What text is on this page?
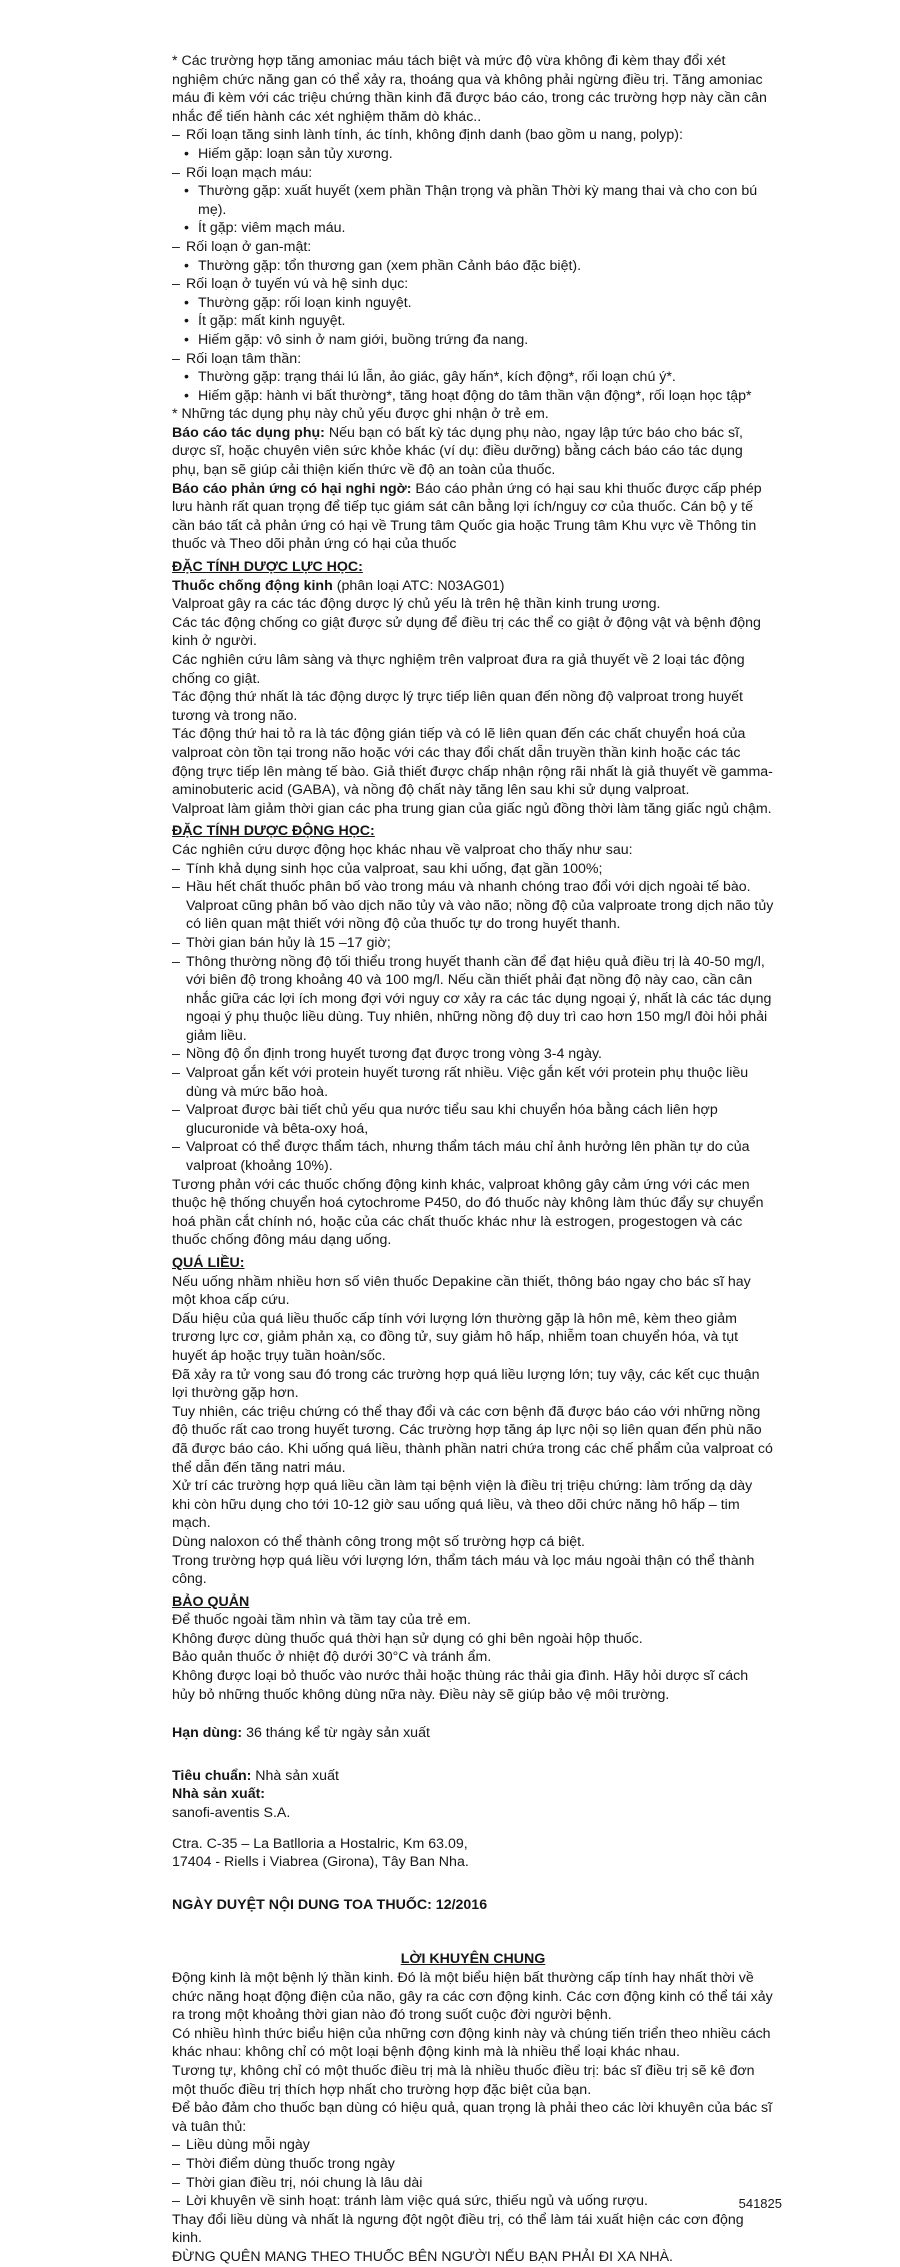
* Các trường hợp tăng amoniac máu tách biệt và mức độ vừa không đi kèm thay đổi xét nghiệm chức năng gan có thể xảy ra, thoáng qua và không phải ngừng điều trị. Tăng amoniac máu đi kèm với các triệu chứng thần kinh đã được báo cáo, trong các trường hợp này cần cân nhắc để tiến hành các xét nghiệm thăm dò khác..

– Rối loạn tăng sinh lành tính, ác tính, không định danh (bao gồm u nang, polyp):

• Hiếm gặp: loạn sản tủy xương.

– Rối loạn mạch máu:

• Thường gặp: xuất huyết (xem phần Thận trọng và phần Thời kỳ mang thai và cho con bú mẹ).

• Ít gặp: viêm mạch máu.

– Rối loạn ở gan-mật:

• Thường gặp: tổn thương gan (xem phần Cảnh báo đặc biệt).

– Rối loạn ở tuyến vú và hệ sinh dục:

• Thường gặp: rối loạn kinh nguyệt.

• Ít gặp: mất kinh nguyệt.

• Hiếm gặp: vô sinh ở nam giới, buồng trứng đa nang.

– Rối loạn tâm thần:

• Thường gặp: trạng thái lú lẫn, ảo giác, gây hấn*, kích động*, rối loạn chú ý*.

• Hiếm gặp: hành vi bất thường*, tăng hoạt động do tâm thần vận động*, rối loạn học tập*

* Những tác dụng phụ này chủ yếu được ghi nhận ở trẻ em.

Báo cáo tác dụng phụ: Nếu bạn có bất kỳ tác dụng phụ nào, ngay lập tức báo cho bác sĩ, dược sĩ, hoặc chuyên viên sức khỏe khác (ví dụ: điều dưỡng) bằng cách báo cáo tác dụng phụ, bạn sẽ giúp cải thiện kiến thức về độ an toàn của thuốc.

Báo cáo phản ứng có hại nghi ngờ: Báo cáo phản ứng có hại sau khi thuốc được cấp phép lưu hành rất quan trọng để tiếp tục giám sát cân bằng lợi ích/nguy cơ của thuốc. Cán bộ y tế cần báo tất cả phản ứng có hại về Trung tâm Quốc gia hoặc Trung tâm Khu vực về Thông tin thuốc và Theo dõi phản ứng có hại của thuốc

ĐẶC TÍNH DƯỢC LỰC HỌC:

Thuốc chống động kinh (phân loại ATC: N03AG01)

Valproat gây ra các tác động dược lý chủ yếu là trên hệ thần kinh trung ương.

Các tác động chống co giật được sử dụng để điều trị các thể co giật ở động vật và bệnh động kinh ở người.

Các nghiên cứu lâm sàng và thực nghiệm trên valproat đưa ra giả thuyết về 2 loại tác động chống co giật.

Tác động thứ nhất là tác động dược lý trực tiếp liên quan đến nồng độ valproat trong huyết tương và trong não.

Tác động thứ hai tỏ ra là tác động gián tiếp và có lẽ liên quan đến các chất chuyển hoá của valproat còn tồn tại trong não hoặc với các thay đổi chất dẫn truyền thần kinh hoặc các tác động trực tiếp lên màng tế bào. Giả thiết được chấp nhận rộng rãi nhất là giả thuyết về gamma-aminobuteric acid (GABA), và nồng độ chất này tăng lên sau khi sử dụng valproat.

Valproat làm giảm thời gian các pha trung gian của giấc ngủ đồng thời làm tăng giấc ngủ chậm.

ĐẶC TÍNH DƯỢC ĐỘNG HỌC:

Các nghiên cứu dược động học khác nhau về valproat cho thấy như sau:

– Tính khả dụng sinh học của valproat, sau khi uống, đạt gần 100%;

– Hầu hết chất thuốc phân bố vào trong máu và nhanh chóng trao đổi với dịch ngoài tế bào. Valproat cũng phân bố vào dịch não tủy và vào não; nồng độ của valproate trong dịch não tủy có liên quan mật thiết với nồng độ của thuốc tự do trong huyết thanh.

– Thời gian bán hủy là 15 –17 giờ;

– Thông thường nồng độ tối thiểu trong huyết thanh cần để đạt hiệu quả điều trị là 40-50 mg/l, với biên độ trong khoảng 40 và 100 mg/l. Nếu cần thiết phải đạt nồng độ này cao, cần cân nhắc giữa các lợi ích mong đợi với nguy cơ xảy ra các tác dụng ngoại ý, nhất là các tác dụng ngoại ý phụ thuộc liều dùng. Tuy nhiên, những nồng độ duy trì cao hơn 150 mg/l đòi hỏi phải giảm liều.

– Nồng độ ổn định trong huyết tương đạt được trong vòng 3-4 ngày.

– Valproat gắn kết với protein huyết tương rất nhiều. Việc gắn kết với protein phụ thuộc liều dùng và mức bão hoà.

– Valproat được bài tiết chủ yếu qua nước tiểu sau khi chuyển hóa bằng cách liên hợp glucuronide và bêta-oxy hoá,

– Valproat có thể được thẩm tách, nhưng thẩm tách máu chỉ ảnh hưởng lên phần tự do của valproat (khoảng 10%).

Tương phản với các thuốc chống động kinh khác, valproat không gây cảm ứng với các men thuộc hệ thống chuyển hoá cytochrome P450, do đó thuốc này không làm thúc đẩy sự chuyển hoá phần cắt chính nó, hoặc của các chất thuốc khác như là estrogen, progestogen và các thuốc chống đông máu dạng uống.

QUÁ LIỀU:

Nếu uống nhầm nhiều hơn số viên thuốc Depakine cần thiết, thông báo ngay cho bác sĩ hay một khoa cấp cứu.

Dấu hiệu của quá liều thuốc cấp tính với lượng lớn thường gặp là hôn mê, kèm theo giảm trương lực cơ, giảm phản xạ, co đồng tử, suy giảm hô hấp, nhiễm toan chuyển hóa, và tụt huyết áp hoặc trụy tuần hoàn/sốc.

Đã xảy ra tử vong sau đó trong các trường hợp quá liều lượng lớn; tuy vậy, các kết cục thuận lợi thường gặp hơn.

Tuy nhiên, các triệu chứng có thể thay đổi và các cơn bệnh đã được báo cáo với những nồng độ thuốc rất cao trong huyết tương. Các trường hợp tăng áp lực nội sọ liên quan đến phù não đã được báo cáo. Khi uống quá liều, thành phần natri chứa trong các chế phẩm của valproat có thể dẫn đến tăng natri máu.

Xử trí các trường hợp quá liều cần làm tại bệnh viện là điều trị triệu chứng: làm trống dạ dày khi còn hữu dụng cho tới 10-12 giờ sau uống quá liều, và theo dõi chức năng hô hấp – tim mạch.

Dùng naloxon có thể thành công trong một số trường hợp cá biệt.

Trong trường hợp quá liều với lượng lớn, thẩm tách máu và lọc máu ngoài thận có thể thành công.

BẢO QUẢN

Để thuốc ngoài tầm nhìn và tầm tay của trẻ em.

Không được dùng thuốc quá thời hạn sử dụng có ghi bên ngoài hộp thuốc.

Bảo quản thuốc ở nhiệt độ dưới 30°C và tránh ẩm.

Không được loại bỏ thuốc vào nước thải hoặc thùng rác thải gia đình. Hãy hỏi dược sĩ cách hủy bỏ những thuốc không dùng nữa này. Điều này sẽ giúp bảo vệ môi trường.

Hạn dùng: 36 tháng kể từ ngày sản xuất

Tiêu chuẩn: Nhà sản xuất

Nhà sản xuất:

sanofi-aventis S.A.

Ctra. C-35 – La Batlloria a Hostalric, Km 63.09,

17404 - Riells i Viabrea (Girona), Tây Ban Nha.

NGÀY DUYỆT NỘI DUNG TOA THUỐC: 12/2016

LỜI KHUYÊN CHUNG

Động kinh là một bệnh lý thần kinh. Đó là một biểu hiện bất thường cấp tính hay nhất thời về chức năng hoạt động điện của não, gây ra các cơn động kinh. Các cơn động kinh có thể tái xảy ra trong một khoảng thời gian nào đó trong suốt cuộc đời người bệnh.

Có nhiều hình thức biểu hiện của những cơn động kinh này và chúng tiến triển theo nhiều cách khác nhau: không chỉ có một loại bệnh động kinh mà là nhiều thể loại khác nhau.

Tương tự, không chỉ có một thuốc điều trị mà là nhiều thuốc điều trị: bác sĩ điều trị sẽ kê đơn một thuốc điều trị thích hợp nhất cho trường hợp đặc biệt của bạn.

Để bảo đảm cho thuốc bạn dùng có hiệu quả, quan trọng là phải theo các lời khuyên của bác sĩ và tuân thủ:

– Liều dùng mỗi ngày

– Thời điểm dùng thuốc trong ngày

– Thời gian điều trị, nói chung là lâu dài

– Lời khuyên về sinh hoạt: tránh làm việc quá sức, thiếu ngủ và uống rượu.

Thay đổi liều dùng và nhất là ngưng đột ngột điều trị, có thể làm tái xuất hiện các cơn động kinh.

ĐỪNG QUÊN MANG THEO THUỐC BÊN NGƯỜI NẾU BẠN PHẢI ĐI XA NHÀ.

541825
